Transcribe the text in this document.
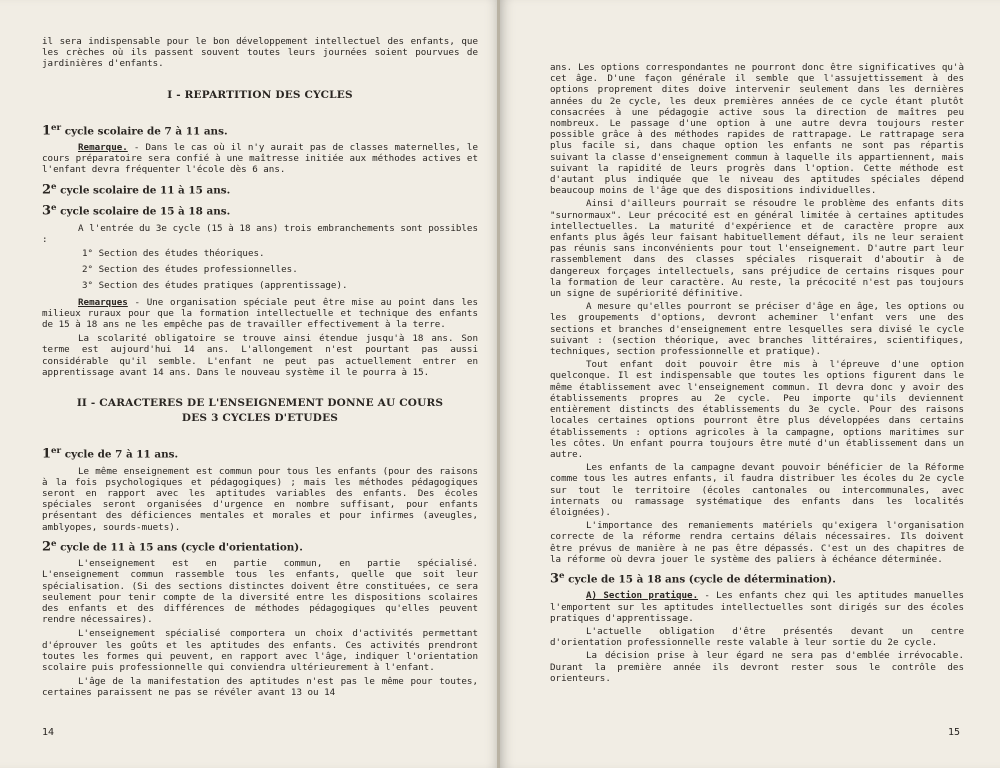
il sera indispensable pour le bon développement intellectuel des enfants, que les crèches où ils passent souvent toutes leurs journées soient pourvues de jardinières d'enfants.

I - REPARTITION DES CYCLES
1er cycle scolaire de 7 à 11 ans.

Remarque. - Dans le cas où il n'y aurait pas de classes maternelles, le cours préparatoire sera confié à une maîtresse initiée aux méthodes actives et l'enfant devra fréquenter l'école dès 6 ans.

2e cycle scolaire de 11 à 15 ans.
3e cycle scolaire de 15 à 18 ans.

A l'entrée du 3e cycle (15 à 18 ans) trois embranchements sont possibles :

1° Section des études théoriques.

2° Section des études professionnelles.

3° Section des études pratiques (apprentissage).

Remarques - Une organisation spéciale peut être mise au point dans les milieux ruraux pour que la formation intellectuelle et technique des enfants de 15 à 18 ans ne les empêche pas de travailler effectivement à la terre.

La scolarité obligatoire se trouve ainsi étendue jusqu'à 18 ans. Son terme est aujourd'hui 14 ans. L'allongement n'est pourtant pas aussi considérable qu'il semble. L'enfant ne peut pas actuellement entrer en apprentissage avant 14 ans. Dans le nouveau système il le pourra à 15.

II - CARACTERES DE L'ENSEIGNEMENT DONNE AU COURS
DES 3 CYCLES D'ETUDES
1er cycle de 7 à 11 ans.

Le même enseignement est commun pour tous les enfants (pour des raisons à la fois psychologiques et pédagogiques) ; mais les méthodes pédagogiques seront en rapport avec les aptitudes variables des enfants. Des écoles spéciales seront organisées d'urgence en nombre suffisant, pour enfants présentant des déficiences mentales et morales et pour infirmes (aveugles, amblyopes, sourds-muets).

2e cycle de 11 à 15 ans (cycle d'orientation).

L'enseignement est en partie commun, en partie spécialisé. L'enseignement commun rassemble tous les enfants, quelle que soit leur spécialisation. (Si des sections distinctes doivent être constituées, ce sera seulement pour tenir compte de la diversité entre les dispositions scolaires des enfants et des différences de méthodes pédagogiques qu'elles peuvent rendre nécessaires).

L'enseignement spécialisé comportera un choix d'activités permettant d'éprouver les goûts et les aptitudes des enfants. Ces activités prendront toutes les formes qui peuvent, en rapport avec l'âge, indiquer l'orientation scolaire puis professionnelle qui conviendra ultérieurement à l'enfant.

L'âge de la manifestation des aptitudes n'est pas le même pour toutes, certaines paraissent ne pas se révéler avant 13 ou 14

14

ans. Les options correspondantes ne pourront donc être significatives qu'à cet âge. D'une façon générale il semble que l'assujettissement à des options proprement dites doive intervenir seulement dans les dernières années du 2e cycle, les deux premières années de ce cycle étant plutôt consacrées à une pédagogie active sous la direction de maîtres peu nombreux. Le passage d'une option à une autre devra toujours rester possible grâce à des méthodes rapides de rattrapage. Le rattrapage sera plus facile si, dans chaque option les enfants ne sont pas répartis suivant la classe d'enseignement commun à laquelle ils appartiennent, mais suivant la rapidité de leurs progrès dans l'option. Cette méthode est d'autant plus indiquée que le niveau des aptitudes spéciales dépend beaucoup moins de l'âge que des dispositions individuelles.

Ainsi d'ailleurs pourrait se résoudre le problème des enfants dits "surnormaux". Leur précocité est en général limitée à certaines aptitudes intellectuelles. La maturité d'expérience et de caractère propre aux enfants plus âgés leur faisant habituellement défaut, ils ne leur seraient pas réunis sans inconvénients pour tout l'enseignement. D'autre part leur rassemblement dans des classes spéciales risquerait d'aboutir à de dangereux forçages intellectuels, sans préjudice de certains risques pour la formation de leur caractère. Au reste, la précocité n'est pas toujours un signe de supériorité définitive.

A mesure qu'elles pourront se préciser d'âge en âge, les options ou les groupements d'options, devront acheminer l'enfant vers une des sections et branches d'enseignement entre lesquelles sera divisé le cycle suivant : (section théorique, avec branches littéraires, scientifiques, techniques, section professionnelle et pratique).

Tout enfant doit pouvoir être mis à l'épreuve d'une option quelconque. Il est indispensable que toutes les options figurent dans le même établissement avec l'enseignement commun. Il devra donc y avoir des établissements propres au 2e cycle. Peu importe qu'ils deviennent entièrement distincts des établissements du 3e cycle. Pour des raisons locales certaines options pourront être plus développées dans certains établissements : options agricoles à la campagne, options maritimes sur les côtes. Un enfant pourra toujours être muté d'un établissement dans un autre.

Les enfants de la campagne devant pouvoir bénéficier de la Réforme comme tous les autres enfants, il faudra distribuer les écoles du 2e cycle sur tout le territoire (écoles cantonales ou intercommunales, avec internats ou ramassage systématique des enfants dans les localités éloignées).

L'importance des remaniements matériels qu'exigera l'organisation correcte de la réforme rendra certains délais nécessaires. Ils doivent être prévus de manière à ne pas être dépassés. C'est un des chapitres de la réforme où devra jouer le système des paliers à échéance déterminée.

3e cycle de 15 à 18 ans (cycle de détermination).

A) Section pratique. - Les enfants chez qui les aptitudes manuelles l'emportent sur les aptitudes intellectuelles sont dirigés sur des écoles pratiques d'apprentissage.

L'actuelle obligation d'être présentés devant un centre d'orientation professionnelle reste valable à leur sortie du 2e cycle.

La décision prise à leur égard ne sera pas d'emblée irrévocable. Durant la première année ils devront rester sous le contrôle des orienteurs.

15
